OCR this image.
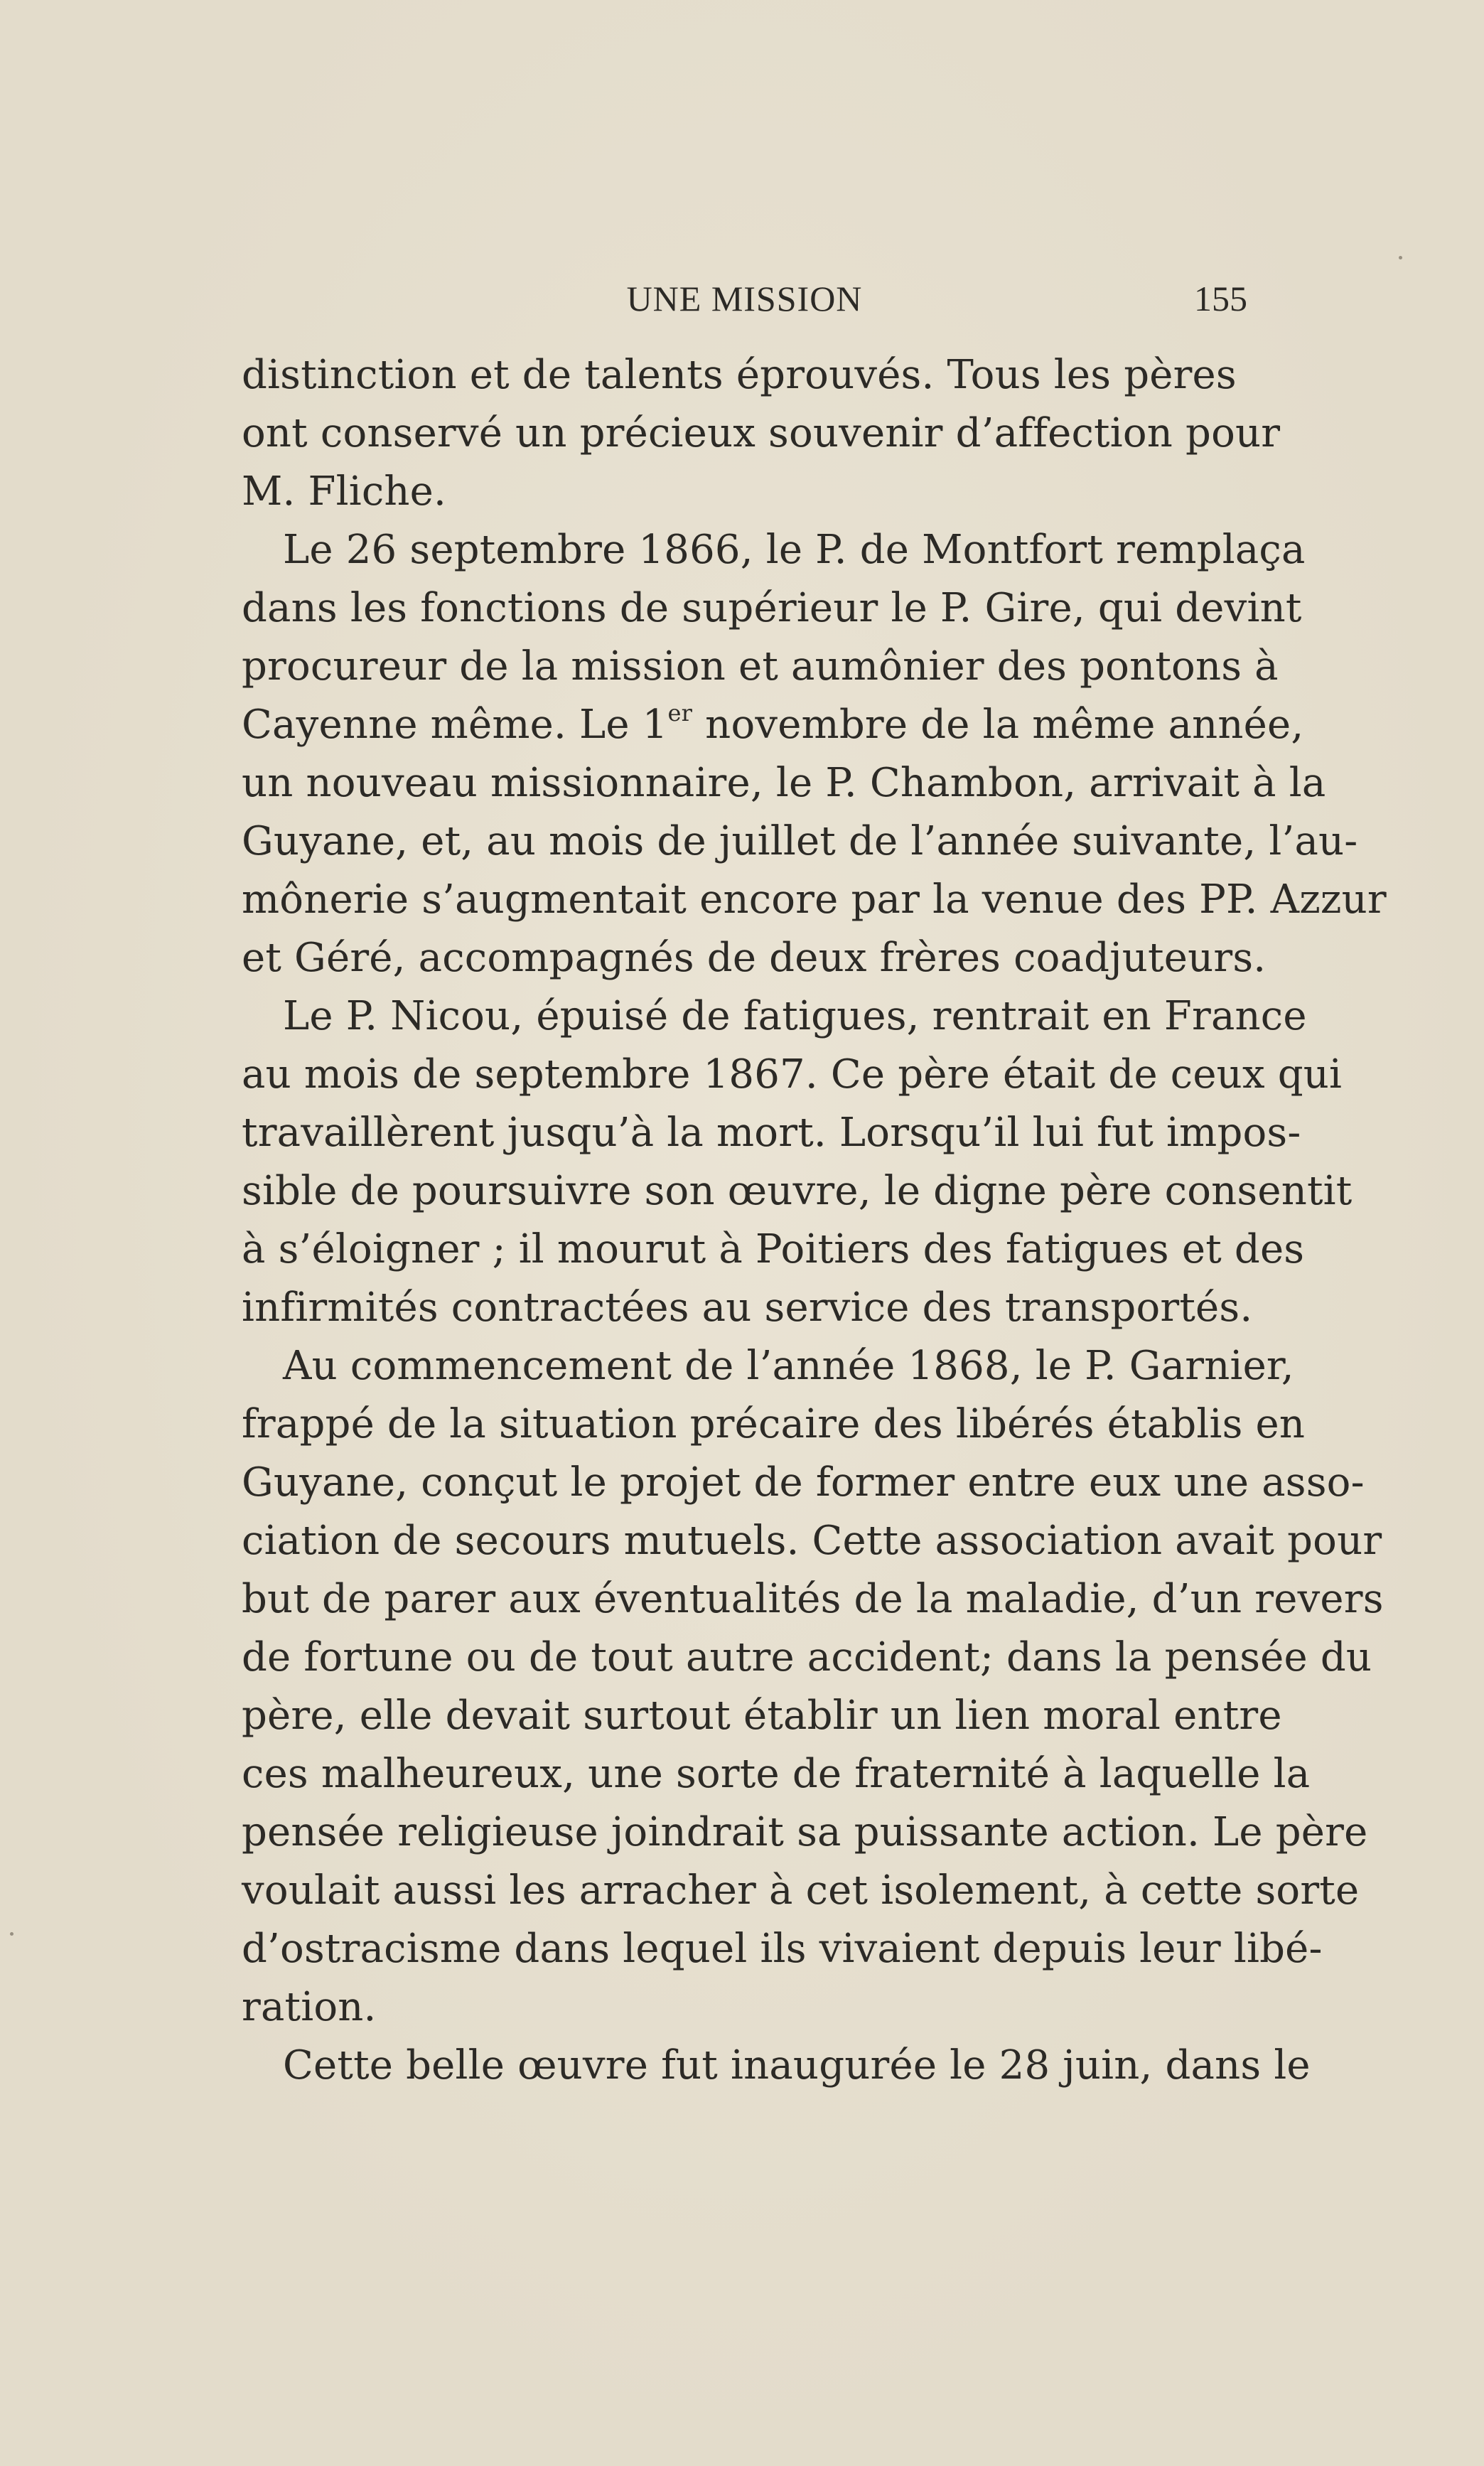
UNE MISSION	155
distinction et de talents éprouvés. Tous les pères
ont conservé un précieux souvenir d’affection pour
M. Fliche.
Le 26 septembre 1866, le P. de Montfort remplaça
dans les fonctions de supérieur le P. Gire, qui devint
procureur de la mission et aumônier des pontons à
Cayenne même. Le 1er novembre de la même année,
un nouveau missionnaire, le P. Chambon, arrivait à la
Guyane, et, au mois de juillet de l’année suivante, l’au-
mônerie s’augmentait encore par la venue des PP. Azzur
et Géré, accompagnés de deux frères coadjuteurs.
Le P. Nicou, épuisé de fatigues, rentrait en France
au mois de septembre 1867. Ce père était de ceux qui
travaillèrent jusqu’à la mort. Lorsqu’il lui fut impos-
sible de poursuivre son œuvre, le digne père consentit
à s’éloigner ; il mourut à Poitiers des fatigues et des
infirmités contractées au service des transportés.
Au commencement de l’année 1868, le P. Garnier,
frappé de la situation précaire des libérés établis en
Guyane, conçut le projet de former entre eux une asso-
ciation de secours mutuels. Cette association avait pour
but de parer aux éventualités de la maladie, d’un revers
de fortune ou de tout autre accident; dans la pensée du
père, elle devait surtout établir un lien moral entre
ces malheureux, une sorte de fraternité à laquelle la
pensée religieuse joindrait sa puissante action. Le père
voulait aussi les arracher à cet isolement, à cette sorte
d’ostracisme dans lequel ils vivaient depuis leur libé-
ration.
Cette belle œuvre fut inaugurée le 28 juin, dans le
